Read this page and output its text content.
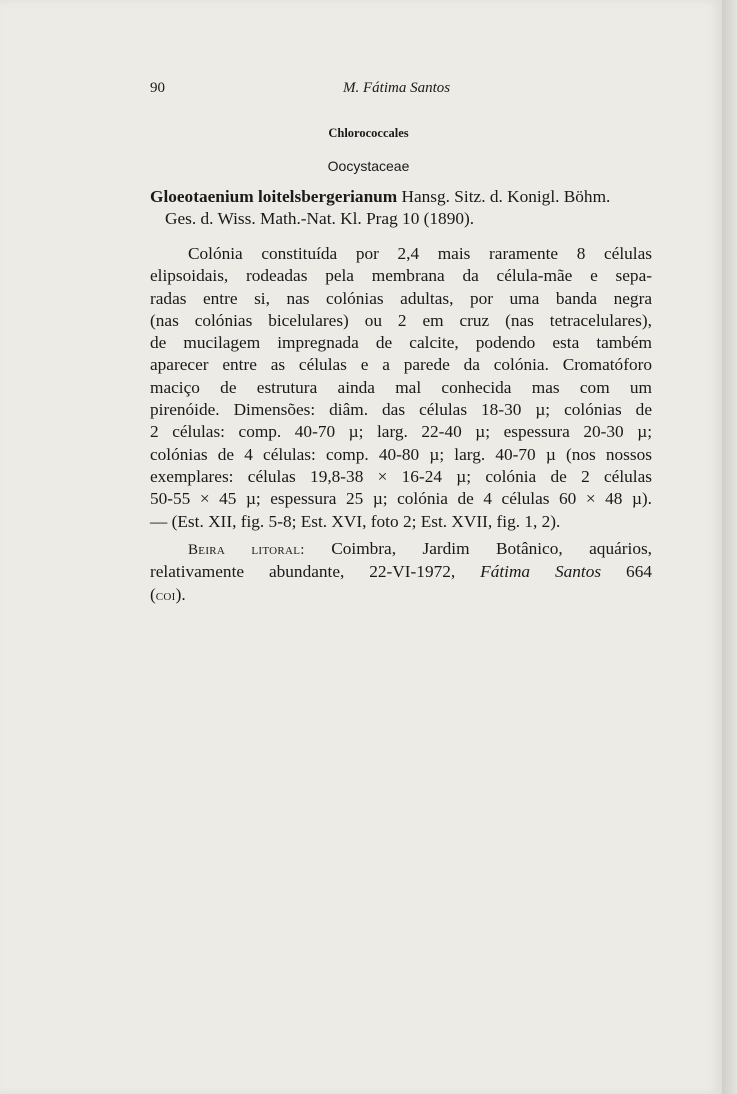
90	M. Fátima Santos
Chlorococcales
Oocystaceae

Gloeotaenium loitelsbergerianum Hansg. Sitz. d. Konigl. Böhm.
Ges. d. Wiss. Math.-Nat. Kl. Prag 10 (1890).

Colónia constituída por 2,4 mais raramente 8 células
elipsoidais, rodeadas pela membrana da célula-mãe e sepa-
radas entre si, nas colónias adultas, por uma banda negra
(nas colónias bicelulares) ou 2 em cruz (nas tetracelulares),
de mucilagem impregnada de calcite, podendo esta também
aparecer entre as células e a parede da colónia. Cromatóforo
maciço de estrutura ainda mal conhecida mas com um
pirenóide. Dimensões: diâm. das células 18-30 µ; colónias de
2 células: comp. 40-70 µ; larg. 22-40 µ; espessura 20-30 µ;
colónias de 4 células: comp. 40-80 µ; larg. 40-70 µ (nos nossos
exemplares: células 19,8-38 × 16-24 µ; colónia de 2 células
50-55 × 45 µ; espessura 25 µ; colónia de 4 células 60 × 48 µ).
— (Est. XII, fig. 5-8; Est. XVI, foto 2; Est. XVII, fig. 1, 2).
Beira litoral: Coimbra, Jardim Botânico, aquários,
relativamente abundante, 22-VI-1972, Fátima Santos 664
(coi).
